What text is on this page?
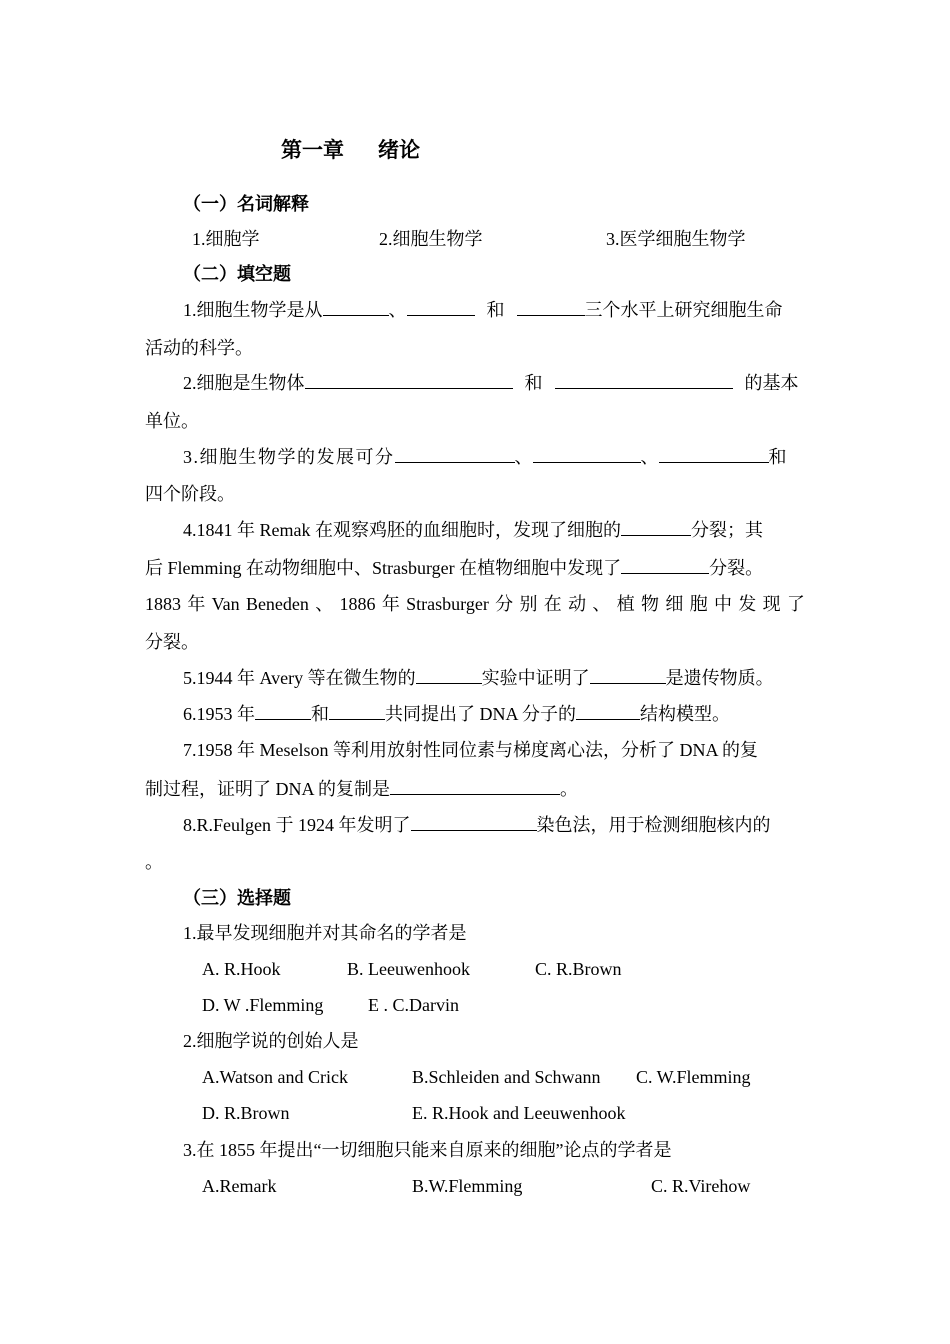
第一章 绪论
（一）名词解释
1.细胞学	2.细胞生物学	3.医学细胞生物学
（二）填空题
1.细胞生物学是从	、	和	三个水平上研究细胞生命
活动的科学。
2.细胞是生物体	和	的基本
单位。
3.细胞生物学的发展可分	、	、	和
四个阶段。
4.1841 年 Remak 在观察鸡胚的血细胞时，发现了细胞的	分裂；其
后 Flemming 在动物细胞中、Strasburger 在植物细胞中发现了	分裂。
1883 年 Van Beneden 、 1886 年 Strasburger 分 别 在 动 、 植 物 细 胞 中 发 现 了
分裂。
5.1944 年 Avery 等在微生物的	实验中证明了	是遗传物质。
6.1953 年	和	共同提出了 DNA 分子的	结构模型。
7.1958 年 Meselson 等利用放射性同位素与梯度离心法，分析了 DNA 的复
制过程，证明了 DNA 的复制是	。
8.R.Feulgen 于 1924 年发明了	染色法，用于检测细胞核内的
。
（三）选择题
1.最早发现细胞并对其命名的学者是
A. R.Hook	B. Leeuwenhook	C. R.Brown
D. W .Flemming E . C.Darvin
2.细胞学说的创始人是
A.Watson and Crick	B.Schleiden and Schwann C. W.Flemming
D. R.Brown	E. R.Hook and Leeuwenhook
3.在 1855 年提出“一切细胞只能来自原来的细胞”论点的学者是
A.Remark	B.W.Flemming	C. R.Virehow
